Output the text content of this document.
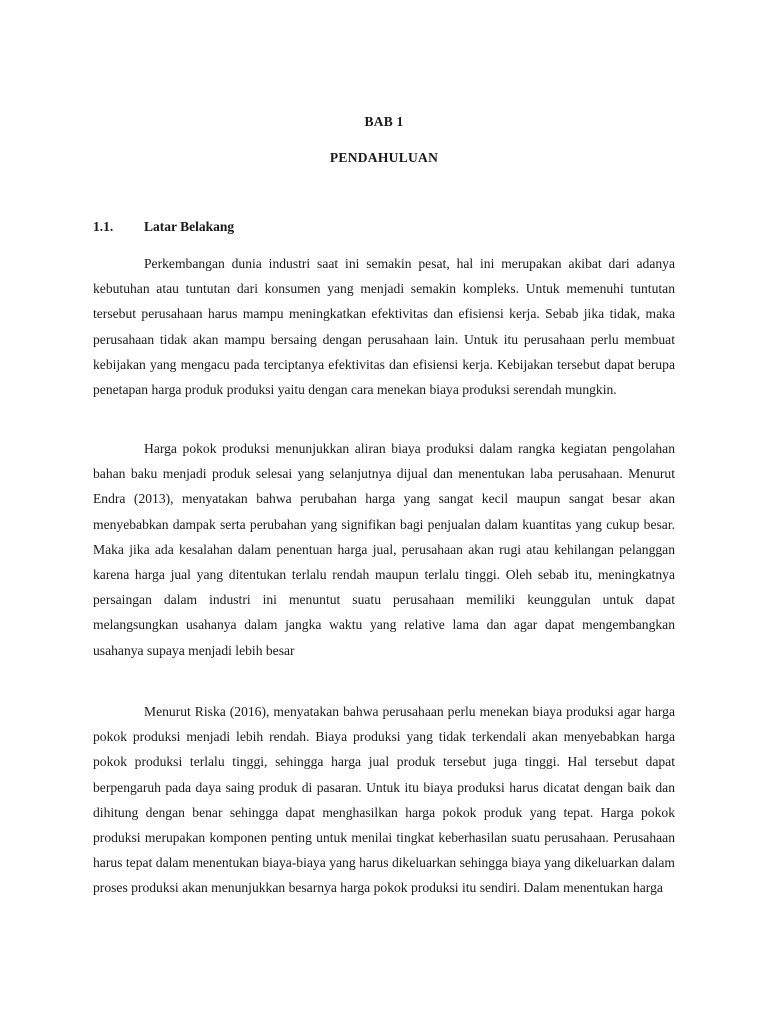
BAB 1
PENDAHULUAN
1.1. Latar Belakang

Perkembangan dunia industri saat ini semakin pesat, hal ini merupakan akibat dari adanya kebutuhan atau tuntutan dari konsumen yang menjadi semakin kompleks. Untuk memenuhi tuntutan tersebut perusahaan harus mampu meningkatkan efektivitas dan efisiensi kerja. Sebab jika tidak, maka perusahaan tidak akan mampu bersaing dengan perusahaan lain. Untuk itu perusahaan perlu membuat kebijakan yang mengacu pada terciptanya efektivitas dan efisiensi kerja. Kebijakan tersebut dapat berupa penetapan harga produk produksi yaitu dengan cara menekan biaya produksi serendah mungkin.

Harga pokok produksi menunjukkan aliran biaya produksi dalam rangka kegiatan pengolahan bahan baku menjadi produk selesai yang selanjutnya dijual dan menentukan laba perusahaan. Menurut Endra (2013), menyatakan bahwa perubahan harga yang sangat kecil maupun sangat besar akan menyebabkan dampak serta perubahan yang signifikan bagi penjualan dalam kuantitas yang cukup besar. Maka jika ada kesalahan dalam penentuan harga jual, perusahaan akan rugi atau kehilangan pelanggan karena harga jual yang ditentukan terlalu rendah maupun terlalu tinggi. Oleh sebab itu, meningkatnya persaingan dalam industri ini menuntut suatu perusahaan memiliki keunggulan untuk dapat melangsungkan usahanya dalam jangka waktu yang relative lama dan agar dapat mengembangkan usahanya supaya menjadi lebih besar

Menurut Riska (2016), menyatakan bahwa perusahaan perlu menekan biaya produksi agar harga pokok produksi menjadi lebih rendah. Biaya produksi yang tidak terkendali akan menyebabkan harga pokok produksi terlalu tinggi, sehingga harga jual produk tersebut juga tinggi. Hal tersebut dapat berpengaruh pada daya saing produk di pasaran. Untuk itu biaya produksi harus dicatat dengan baik dan dihitung dengan benar sehingga dapat menghasilkan harga pokok produk yang tepat. Harga pokok produksi merupakan komponen penting untuk menilai tingkat keberhasilan suatu perusahaan. Perusahaan harus tepat dalam menentukan biaya-biaya yang harus dikeluarkan sehingga biaya yang dikeluarkan dalam proses produksi akan menunjukkan besarnya harga pokok produksi itu sendiri. Dalam menentukan harga
